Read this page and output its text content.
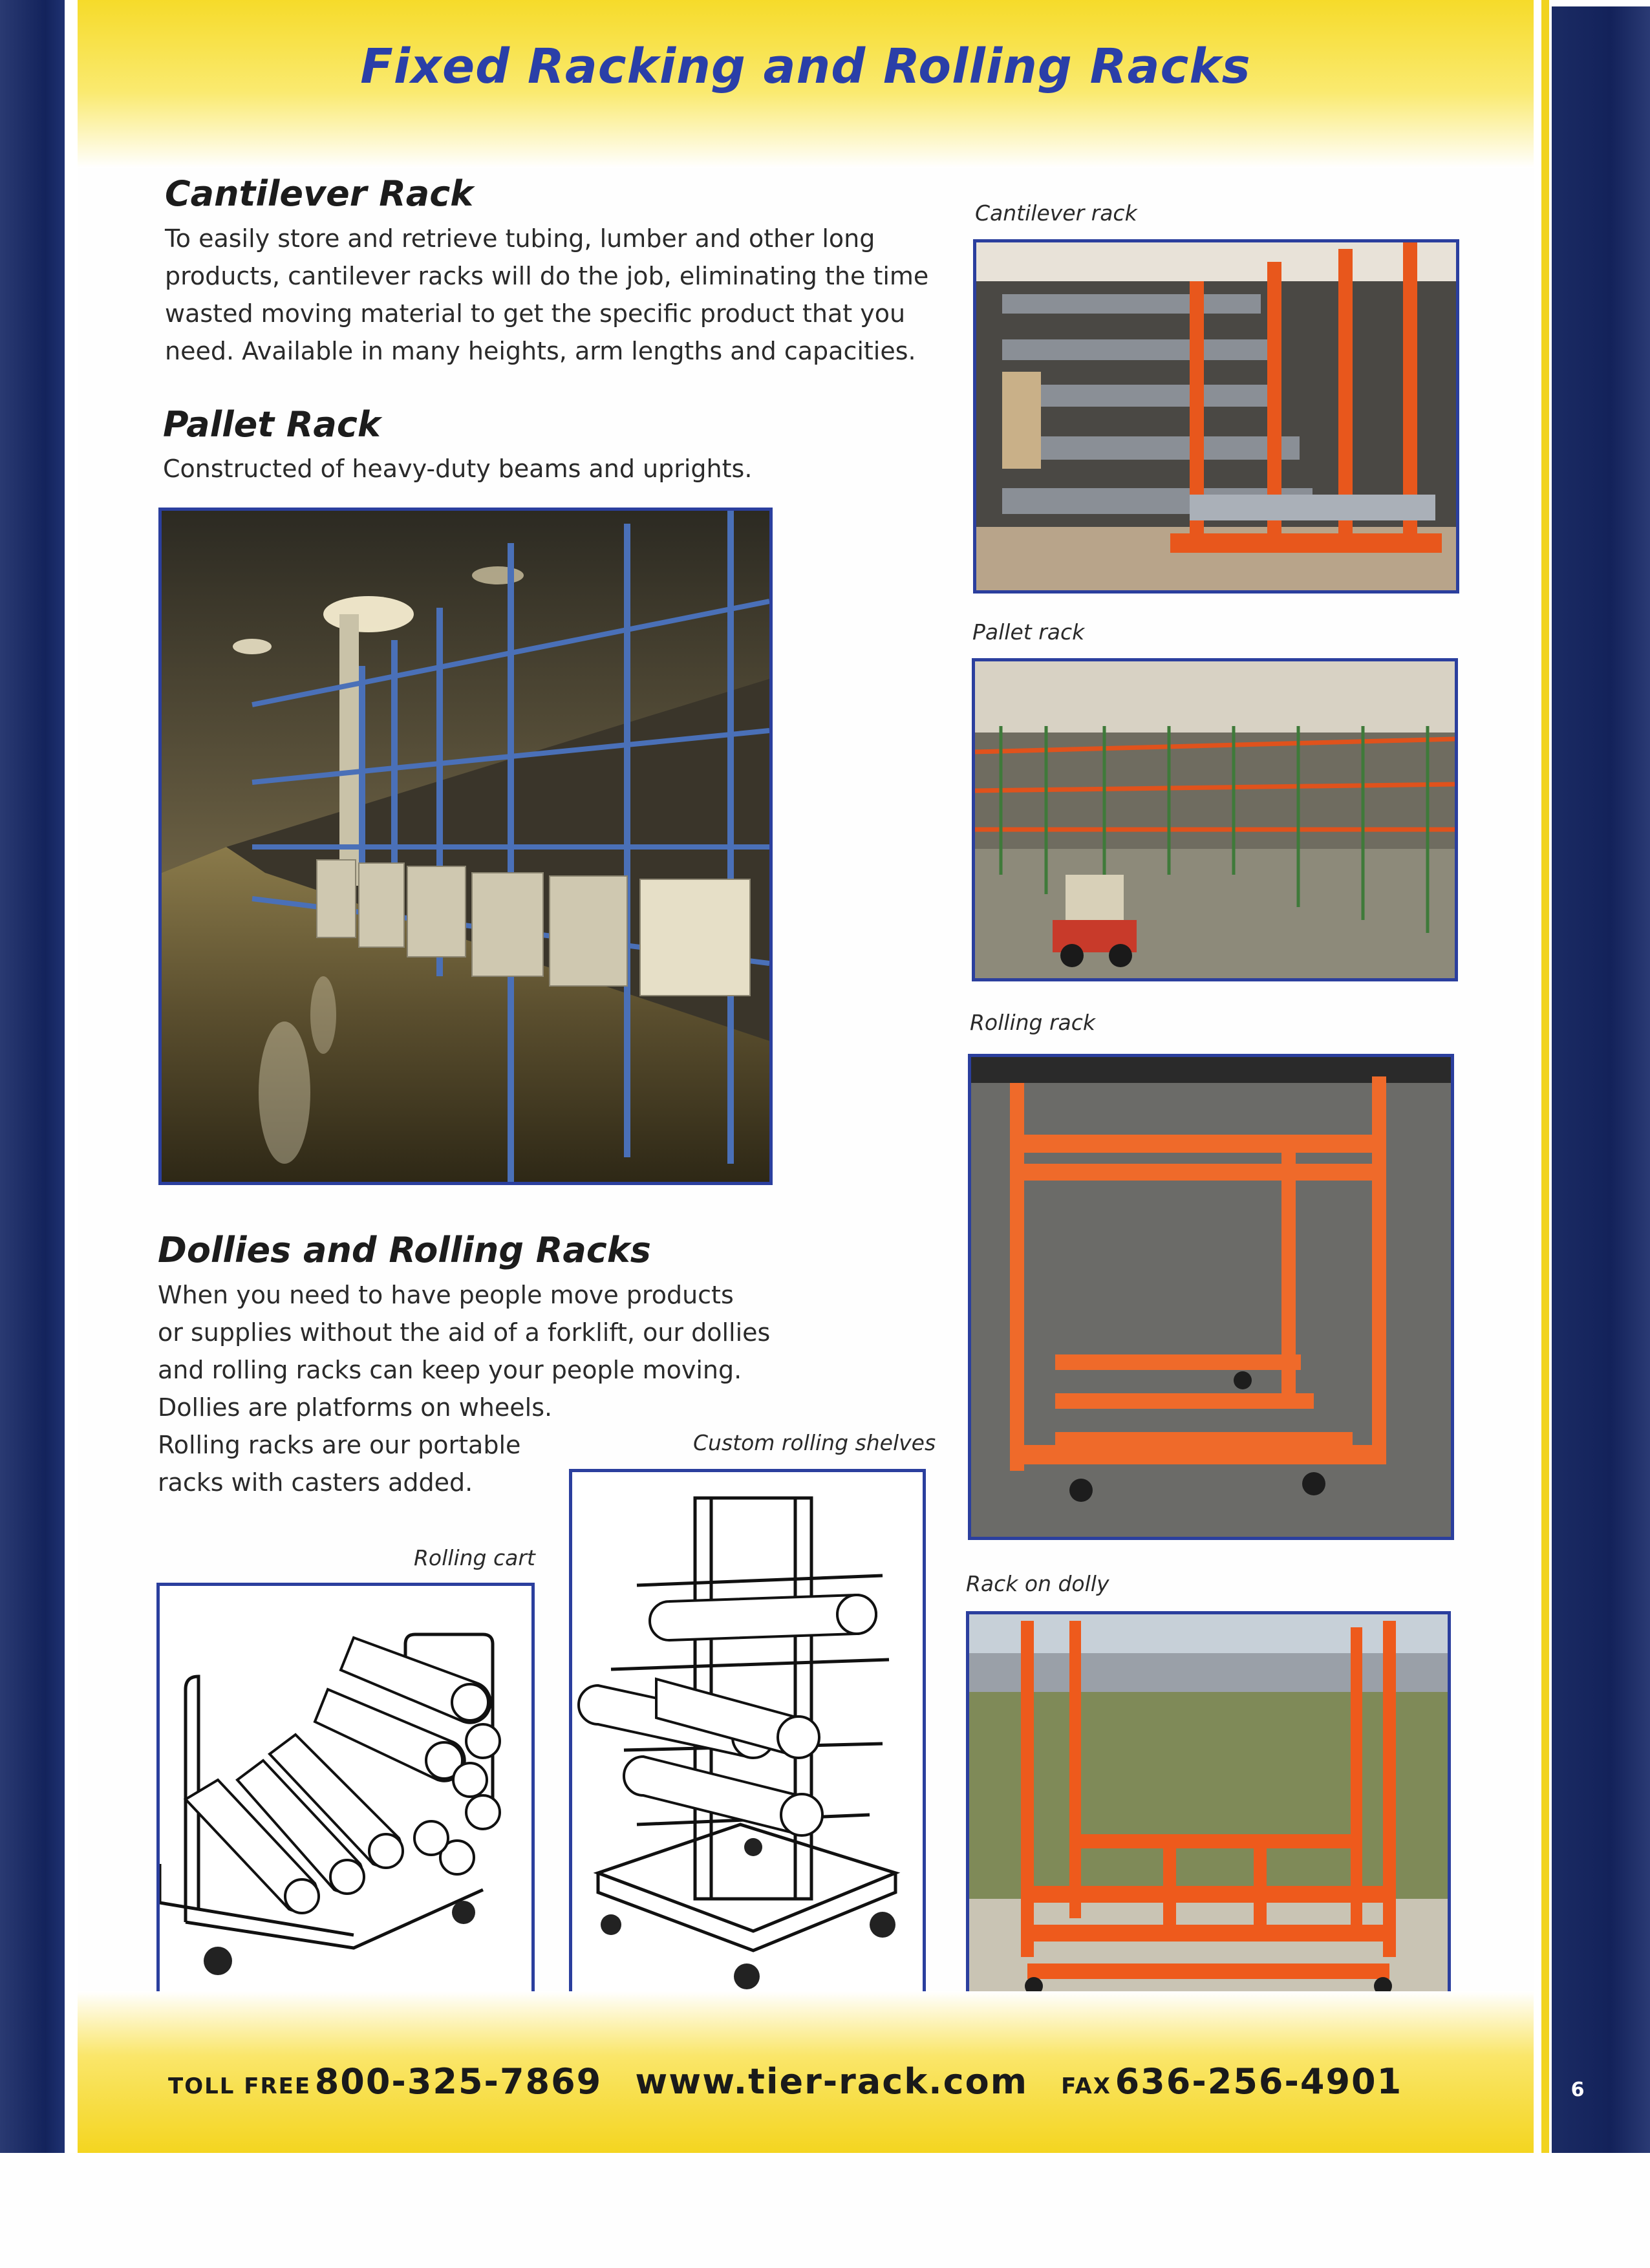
Fixed Racking and Rolling Racks
Cantilever Rack
To easily store and retrieve tubing, lumber and other long
products, cantilever racks will do the job, eliminating the time
wasted moving material to get the specific product that you
need. Available in many heights, arm lengths and capacities.
Pallet Rack
Constructed of heavy-duty beams and uprights.
Dollies and Rolling Racks
When you need to have people move products
or supplies without the aid of a forklift, our dollies
and rolling racks can keep your people moving.
Dollies are platforms on wheels.
Rolling racks are our portable
racks with casters added.
Rolling cart
Custom rolling shelves
Cantilever rack
Pallet rack
Rolling rack
Rack on dolly
TOLL FREE 800-325-7869 www.tier-rack.com FAX 636-256-4901	6
